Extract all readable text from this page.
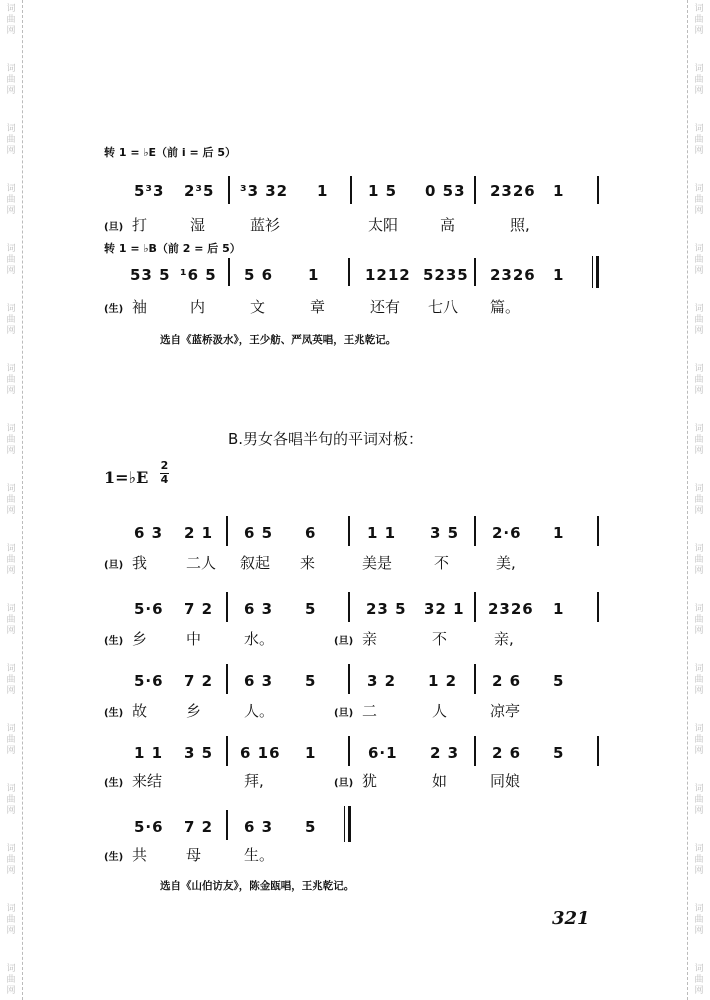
词
曲
网
词
曲
网
词
曲
网
词
曲
网
词
曲
网
词
曲
网
词
曲
网
词
曲
网
词
曲
网
词
曲
网
词
曲
网
词
曲
网
词
曲
网
词
曲
网
词
曲
网
词
曲
网
词
曲
网
词
曲
网
词
曲
网
词
曲
网
词
曲
网
词
曲
网
词
曲
网
词
曲
网
词
曲
网
词
曲
网
词
曲
网
词
曲
网
词
曲
网
词
曲
网
词
曲
网
词
曲
网
词
曲
网
词
曲
网
转 1 = ♭E（前 i = 后 5）
5³3 2³5 ³3 32 1	1 5 0 53 2326 1
(旦) 打	湿	蓝衫	太阳	高	照,
转 1 = ♭B（前 2 = 后 5）
53 5 ¹6 5 5 6 1	1212 5235 2326 1
(生) 袖	内	文	章	还有 七八 篇。
选自《蓝桥汲水》，王少舫、严凤英唱，王兆乾记。
B.男女各唱半句的平词对板：
1=♭E
2
4
6 3 2 1 6 5 6	1 1 3 5 2·6 1
(旦) 我	二人 叙起 来	美是	不	美,
5·6 7 2 6 3 5	23 5 32 1 2326 1
(生) 乡	中	水。	(旦) 亲	不	亲,
5·6 7 2 6 3 5	3 2 1 2 2 6 5
(生) 故	乡	人。	(旦) 二	人	凉亭
1 1 3 5 6 16 1	6·1 2 3 2 6 5
(生) 来结	拜,	(旦) 犹	如	同娘
5·6 7 2 6 3 5
(生) 共	母	生。
选自《山伯访友》，陈金瓯唱，王兆乾记。
321
